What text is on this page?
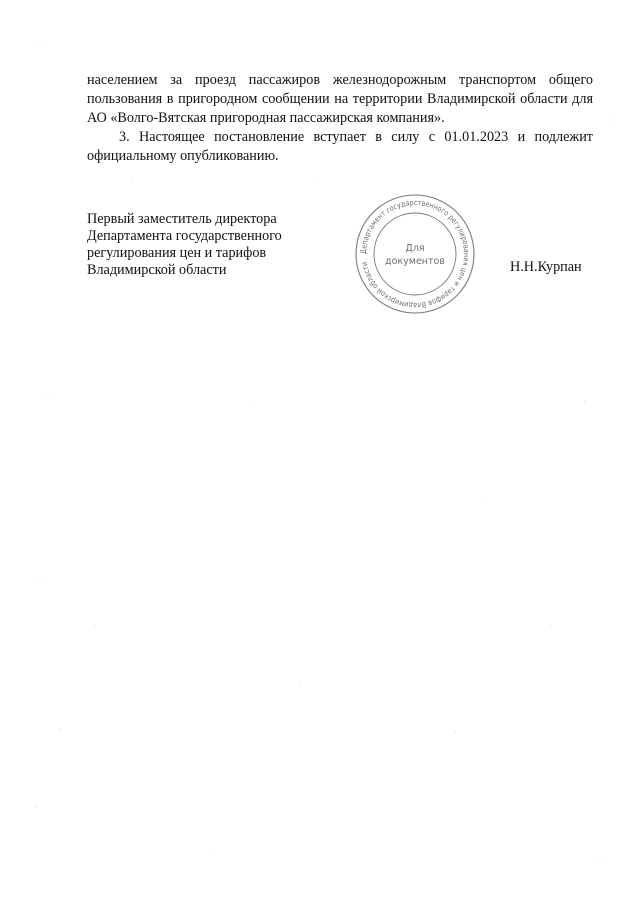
населением за проезд пассажиров железнодорожным транспортом общего пользования в пригородном сообщении на территории Владимирской области для АО «Волго-Вятская пригородная пассажирская компания».

3. Настоящее постановление вступает в силу с 01.01.2023 и подлежит официальному опубликованию.

Первый заместитель директора
Департамента государственного
регулирования цен и тарифов
Владимирской области
Департамент государственного регулирования цен и тарифов Владимирской области
Для
документов	Н.Н.Курпан
